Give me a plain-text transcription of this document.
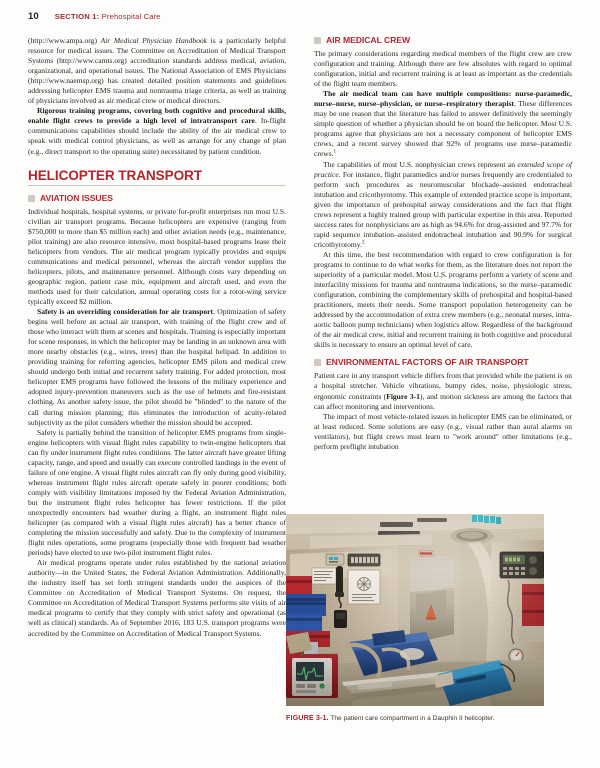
10 SECTION 1: Prehospital Care

(http://www.ampa.org) Air Medical Physician Handbook is a particularly helpful resource for medical issues. The Committee on Accreditation of Medical Transport Systems (http://www.camts.org) accreditation standards address medical, aviation, organizational, and operational issues. The National Association of EMS Physicians (http://www.naemsp.org) has created detailed position statements and guidelines addressing helicopter EMS trauma and nontrauma triage criteria, as well as training of physicians involved as air medical crew or medical directors.

Rigorous training programs, covering both cognitive and procedural skills, enable flight crews to provide a high level of intratransport care. In-flight communications capabilities should include the ability of the air medical crew to speak with medical control physicians, as well as arrange for any change of plan (e.g., direct transport to the operating suite) necessitated by patient condition.

HELICOPTER TRANSPORT
AVIATION ISSUES

Individual hospitals, hospital systems, or private for-profit enterprises run most U.S. civilian air transport programs. Because helicopters are expensive (ranging from $750,000 to more than $5 million each) and other aviation needs (e.g., maintenance, pilot training) are also resource intensive, most hospital-based programs lease their helicopters from vendors. The air medical program typically provides and equips communications and medical personnel, whereas the aircraft vendor supplies the helicopters, pilots, and maintenance personnel. Although costs vary depending on geographic region, patient case mix, equipment and aircraft used, and even the methods used for their calculation, annual operating costs for a rotor-wing service typically exceed $2 million.

Safety is an overriding consideration for air transport. Optimization of safety begins well before an actual air transport, with training of the flight crew and of those who interact with them at scenes and hospitals. Training is especially important for scene responses, in which the helicopter may be landing in an unknown area with more nearby obstacles (e.g., wires, trees) than the hospital helipad. In addition to providing training for referring agencies, helicopter EMS pilots and medical crew should undergo both initial and recurrent safety training. For added protection, most helicopter EMS programs have followed the lessons of the military experience and adopted injury-prevention maneuvers such as the use of helmets and fire-resistant clothing. As another safety issue, the pilot should be "blinded" to the nature of the call during mission planning; this eliminates the introduction of acuity-related subjectivity as the pilot considers whether the mission should be accepted.

Safety is partially behind the transition of helicopter EMS programs from single-engine helicopters with visual flight rules capability to twin-engine helicopters that can fly under instrument flight rules conditions. The latter aircraft have greater lifting capacity, range, and speed and usually can execute controlled landings in the event of failure of one engine. A visual flight rules aircraft can fly only during good visibility, whereas instrument flight rules aircraft operate safely in poorer conditions; both comply with visibility limitations imposed by the Federal Aviation Administration, but the instrument flight rules helicopter has fewer restrictions. If the pilot unexpectedly encounters bad weather during a flight, an instrument flight rules helicopter (as compared with a visual flight rules aircraft) has a better chance of completing the mission successfully and safely. Due to the complexity of instrument flight rules operations, some programs (especially those with frequent bad weather periods) have elected to use two-pilot instrument flight rules.

Air medical programs operate under rules established by the national aviation authority—in the United States, the Federal Aviation Administration. Additionally, the industry itself has set forth stringent standards under the auspices of the Committee on Accreditation of Medical Transport Systems. On request, the Committee on Accreditation of Medical Transport Systems performs site visits of air medical programs to certify that they comply with strict safety and operational (as well as clinical) standards. As of September 2016, 183 U.S. transport programs were accredited by the Committee on Accreditation of Medical Transport Systems.

AIR MEDICAL CREW

The primary considerations regarding medical members of the flight crew are crew configuration and training. Although there are few absolutes with regard to optimal configuration, initial and recurrent training is at least as important as the credentials of the flight team members.

The air medical team can have multiple compositions: nurse-paramedic, nurse–nurse, nurse–physician, or nurse–respiratory therapist. These differences may be one reason that the literature has failed to answer definitively the seemingly simple question of whether a physician should be on board the helicopter. Most U.S. programs agree that physicians are not a necessary component of helicopter EMS crews, and a recent survey showed that 92% of programs use nurse–paramedic crews.$^1$

The capabilities of most U.S. nonphysician crews represent an extended scope of practice. For instance, flight paramedics and/or nurses frequently are credentialed to perform such procedures as neuromuscular blockade–assisted endotracheal intubation and cricothyrotomy. This example of extended practice scope is important, given the importance of prehospital airway considerations and the fact that flight crews represent a highly trained group with particular expertise in this area. Reported success rates for nonphysicians are as high as 94.6% for drug-assisted and 97.7% for rapid sequence intubation–assisted endotracheal intubation and 90.9% for surgical cricothyrotomy.$^2$

At this time, the best recommendation with regard to crew configuration is for programs to continue to do what works for them, as the literature does not report the superiority of a particular model. Most U.S. programs perform a variety of scene and interfacility missions for trauma and nontrauma indications, so the nurse–paramedic configuration, combining the complementary skills of prehospital and hospital-based practitioners, meets their needs. Some transport population heterogeneity can be addressed by the accommodation of extra crew members (e.g., neonatal nurses, intra-aortic balloon pump technicians) when logistics allow. Regardless of the background of the air medical crew, initial and recurrent training in both cognitive and procedural skills is necessary to ensure an optimal level of care.

ENVIRONMENTAL FACTORS OF AIR TRANSPORT

Patient care in any transport vehicle differs from that provided while the patient is on a hospital stretcher. Vehicle vibrations, bumpy rides, noise, physiologic stress, ergonomic constraints (Figure 3-1), and motion sickness are among the factors that can affect monitoring and interventions.

The impact of most vehicle-related issues in helicopter EMS can be eliminated, or at least reduced. Some solutions are easy (e.g., visual rather than aural alarms on ventilators), but flight crews must learn to "work around" other limitations (e.g., perform preflight intubation

FIGURE 3-1. The patient care compartment in a Dauphin II helicopter.
